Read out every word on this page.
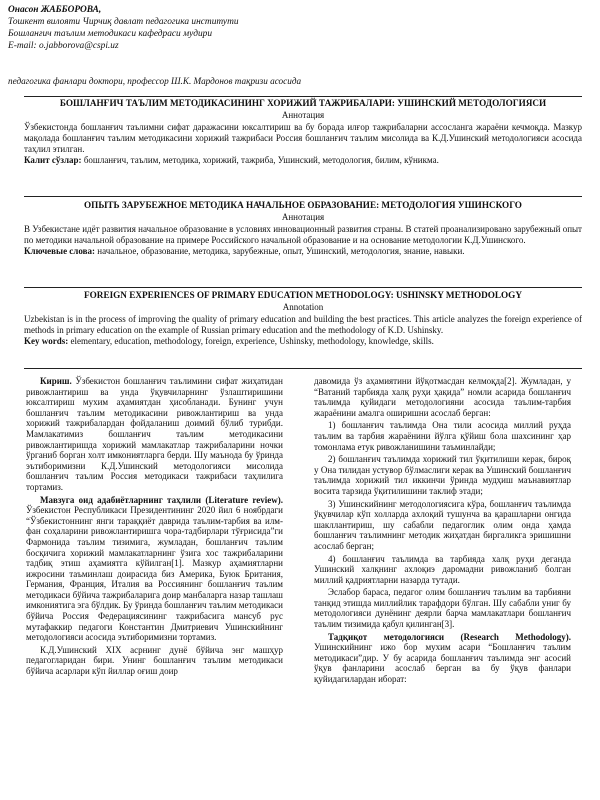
Онасон ЖАББОРОВА,
Тошкент вилояти Чирчиқ давлат педагогика институти
Бошланғич таълим методикаси кафедраси мудири
E-mail: o.jabborova@cspi.uz
педагогика фанлари доктори, профессор Ш.К. Мардонов тақризи асосида
БОШЛАНҒИЧ ТАЪЛИМ МЕТОДИКАСИНИНГ ХОРИЖИЙ ТАЖРИБАЛАРИ: УШИНСКИЙ МЕТОДОЛОГИЯСИ
Аннотация
Ўзбекистонда бошланғич таълимни сифат даражасини юксалтириш ва бу борада илғор тажрибаларни ассосланга жараёни кечмоқда. Мазкур мақолада бошланғич таълим методикасини хорижий тажрибаси Россия бошланғич таълим мисолида ва К.Д.Ушинский методологияси асосида таҳлил этилган.
Калит сўзлар: бошланғич, таълим, методика, хорижий, тажриба, Ушинский, методология, билим, кўникма.
ОПЫТЬ ЗАРУБЕЖНОЕ МЕТОДИКА НАЧАЛЬНОЕ ОБРАЗОВАНИЕ: МЕТОДОЛОГИЯ УШИНСКОГО
Аннотация
В Узбекистане идёт развития начальное образование в условиях инновационный развития страны. В статей проанализировано зарубежный опыт по методики начальной образование на примере Российского начальной образование и на основание методологии К.Д.Ушинского.
Ключевые слова: начальное, образование, методика, зарубежные, опыт, Ушинский, методология, знание, навыки.
FOREIGN EXPERIENCES OF PRIMARY EDUCATION METHODOLOGY: USHINSKY METHODOLOGY
Annotation
Uzbekistan is in the process of improving the quality of primary education and building the best practices. This article analyzes the foreign experience of methods in primary education on the example of Russian primary education and the methodology of K.D. Ushinsky.
Key words: elementary, education, methodology, foreign, experience, Ushinsky, methodology, knowledge, skills.

Кириш. Ўзбекистон бошланғич таълимини сифат жиҳатидан ривожлантириш ва унда ўқувчиларнинг ўзлаштиришини юксалтириш мухим аҳамиятдан ҳисобланади. Бунинг учун бошланғич таълим методикасини ривожлантириш ва унда хорижий тажрибалардан фойдаланиш доимий бўлиб турибди. Мамлакатимиз бошланғич таълим методикасини ривожлантиришда хорижий мамлакатлар тажрибаларини ночки ўрганиб борган холт имкониятларга берди. Шу маънода бу ўринда эътиборимизни К.Д.Ушинский методологияси мисолида бошланғич таълим Россия методикаси тажрибаси таҳлилига тортамиз.

Мавзуга оид адабиётларнинг таҳлили (Literature review). Ўзбекистон Республикаси Президентининг 2020 йил 6 ноябрдаги “Ўзбекистоннинг янги тараққиёт даврида таълим-тарбия ва илм-фан соҳаларини ривожлантиришга чора-тадбирлари тўғрисида”ги Фармонида таълим тизимига, жумладан, бошланғич таълим босқичига хорижий мамлакатларнинг ўзига хос тажрибаларини тадбиқ этиш аҳамиятга кўйилган[1]. Мазкур аҳамиятларни ижросини таъминлаш доирасида биз Америка, Буюк Британия, Германия, Франция, Италия ва Россиянинг бошланғич таълим методикаси бўйича тажрибаларига доир манбаларга назар ташлаш имкониятига эга бўлдик. Бу ўринда бошланғич таълим методикаси бўйича Россия Федерациясининг тажрибасига мансуб рус мутафаккир педагоги Константин Дмитриевич Ушинскийнинг методологияси асосида эътиборимизни тортамиз.

К.Д.Ушинский XIX асрнинг дунё бўйича энг машҳур педагогларидан бири. Унинг бошланғич таълим методикаси бўйича асарлари кўп йиллар оғиш доир

давомида ўз аҳамиятини йўқотмасдан келмоқда[2]. Жумладан, у “Ватаний тарбияда халқ руҳи ҳақида” номли асарида бошланғич таълимда қуйидаги методологияни асосида таълим-тарбия жараёнини амалга оширишни асослаб берган:

1) бошланғич таълимда Она тили асосида миллий руҳда таълим ва тарбия жараёнини йўлга қўйиш бола шахсининг ҳар томонлама етук ривожланишини таъминлайди;

2) бошланғич таълимда хорижий тил ўқитилиши керак, бироқ у Она тилидан устувор бўлмаслиги керак ва Ушинский бошланғич таълимда хорижий тил иккинчи ўринда мудҳиш маънавиятлар восита тарзида ўқитилишини таклиф этади;

3) Ушинскийнинг методологиясига кўра, бошланғич таълимда ўқувчилар кўп холларда ахлоқий тушунча ва қарашларни онгида шакллантириш, шу сабабли педагоглик олим онда ҳамда бошланғич таълимнинг методик жиҳатдан биргаликга эришишни асослаб берган;

4) бошланғич таълимда ва тарбияда халқ руҳи деганда Ушинский халқнинг ахлоқиэ даромадни ривожланиб болган миллий қадриятларни назарда тутади.

Эслабор бараса, педагог олим бошланғич таълим ва тарбияни танқид этишда миллийлик тарафдори бўлган. Шу сабабли униг бу методологияси дунёнинг деярли барча мамлакатлари бошланғич таълим тизимида қабул қилинган[3].

Тадқиқот методологияси (Research Methodology). Ушинскийнинг ижо бор мухим асари “Бошланғич таълим методикаси”дир. У бу асарида бошланғич таълимда энг асосий ўқув фанларини асослаб берган ва бу ўқув фанлари қуйидагилардан иборат:
